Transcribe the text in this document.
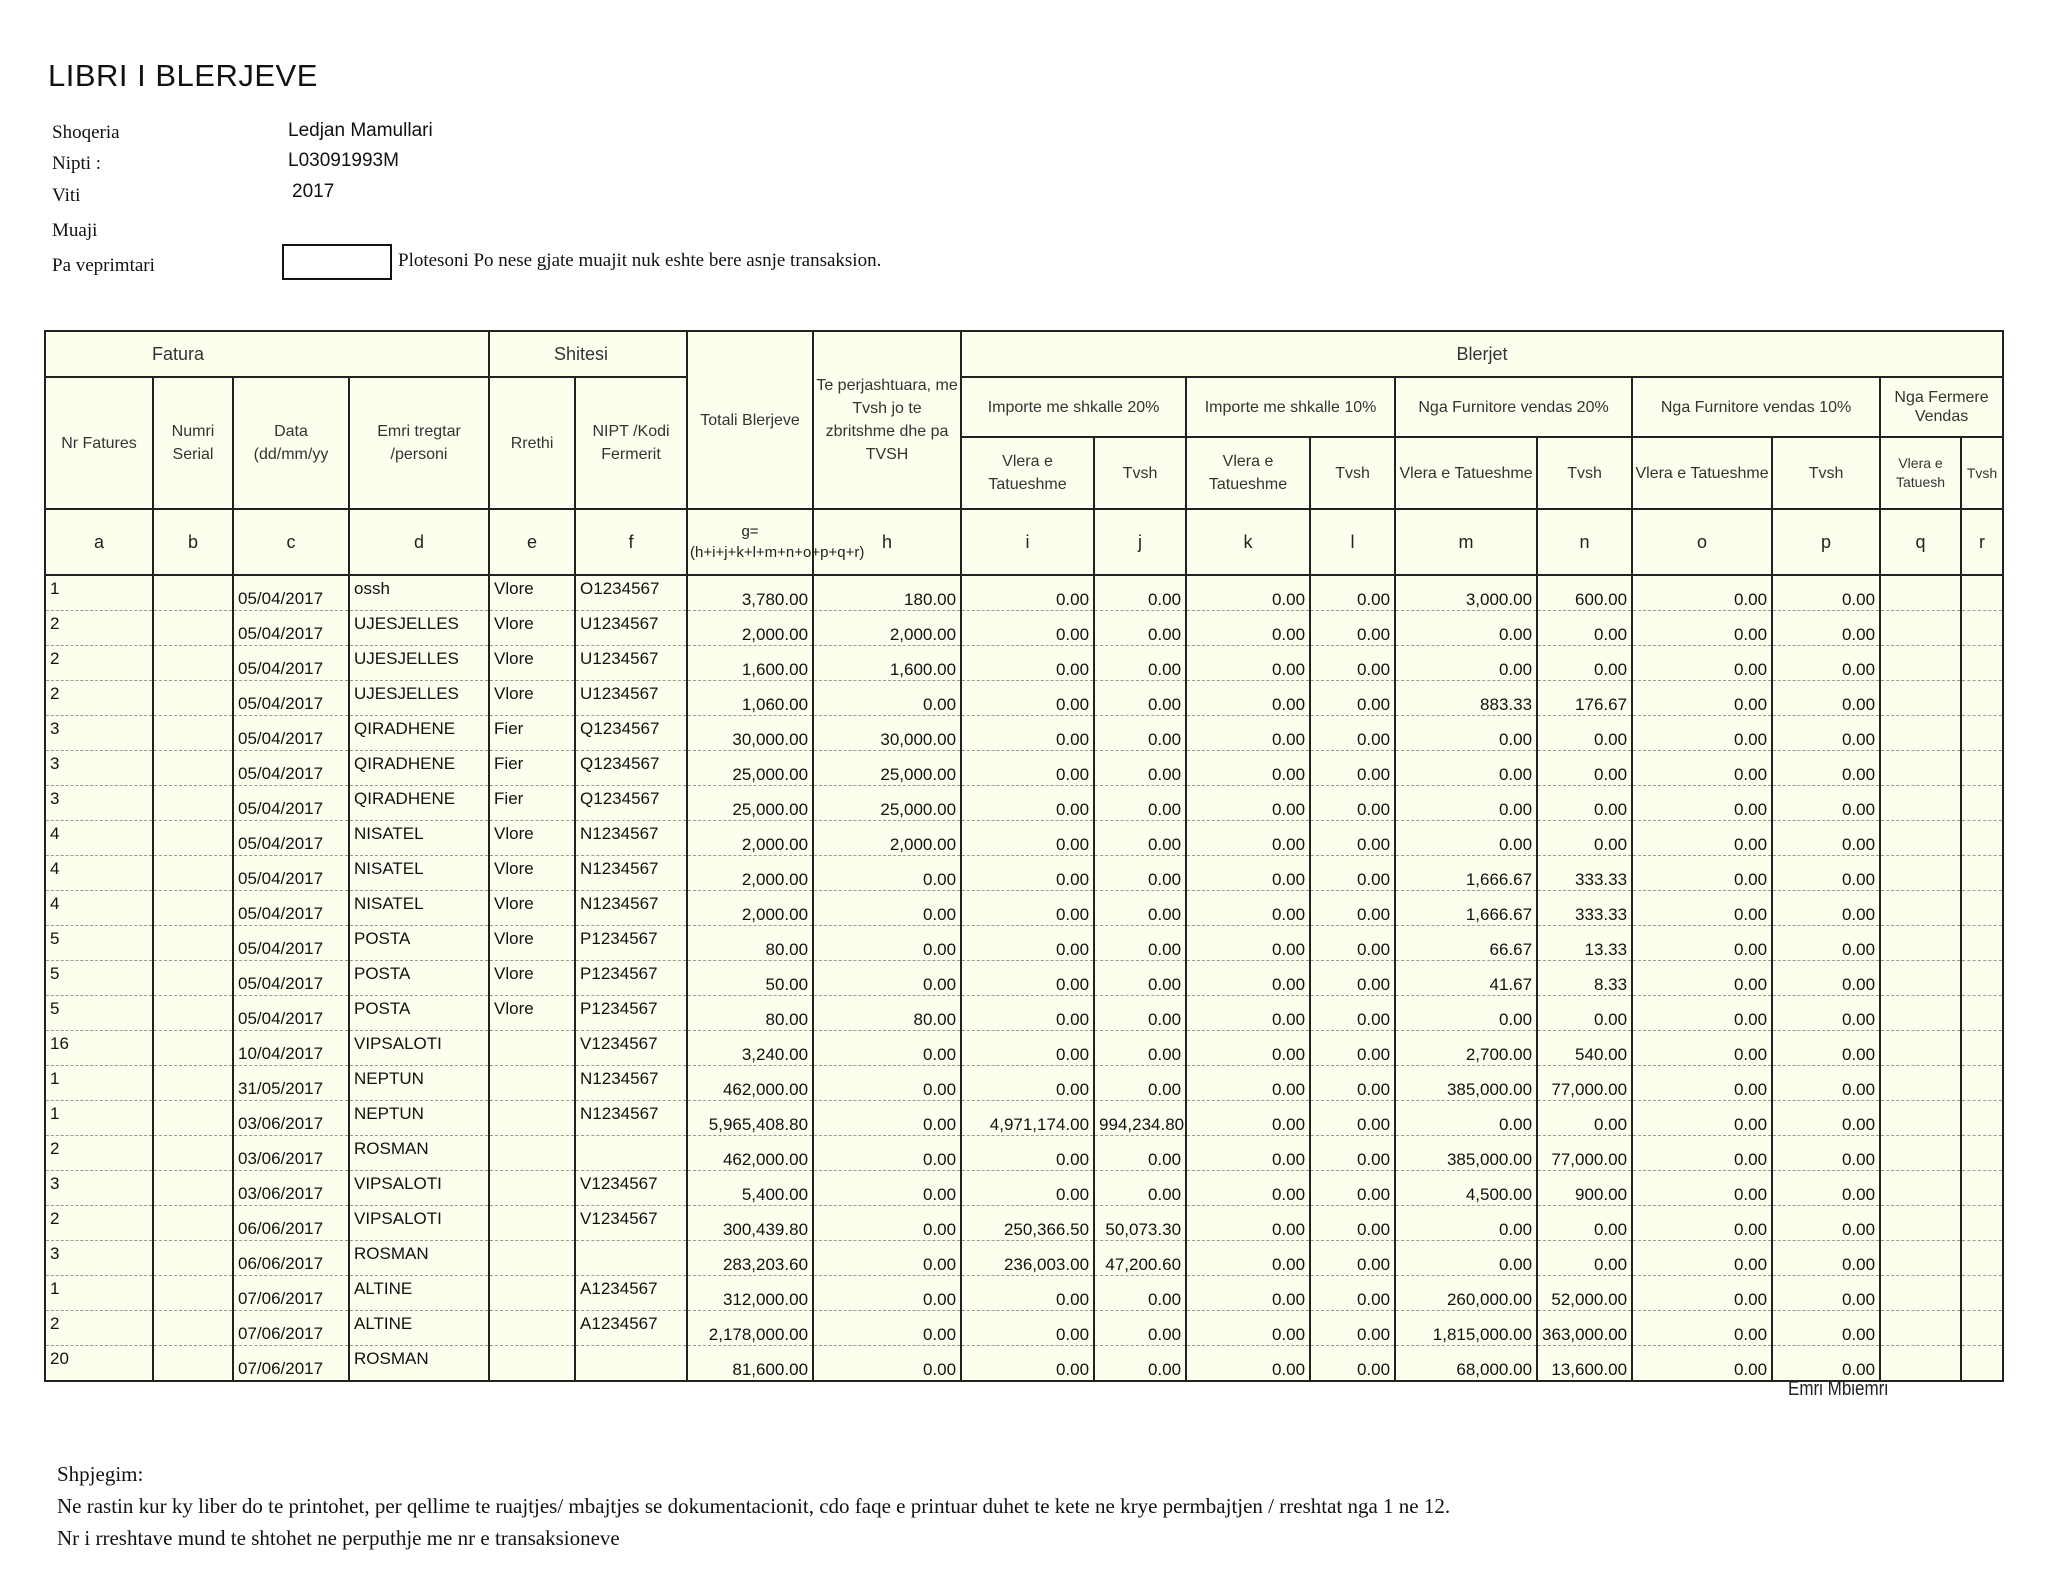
LIBRI I BLERJEVE
Shoqeria	Ledjan Mamullari
Nipti :	L03091993M
Viti	2017
Muaji
Pa veprimtari	Plotesoni Po nese gjate muajit nuk eshte bere asnje transaksion.
Fatura				Shitesi		Totali Blerjeve	Te perjashtuara, me Tvsh jo te zbritshme dhe pa TVSH	Blerjet									
Nr Fatures	Numri Serial	Data (dd/mm/yy	Emri tregtar /personi	Rrethi	NIPT /Kodi Fermerit			Importe me shkalle 20%		Importe me shkalle 10%		Nga Furnitore vendas 20%		Nga Furnitore vendas 10%		Nga Fermere Vendas	
								Vlera e Tatueshme	Tvsh	Vlera e Tatueshme	Tvsh	Vlera e Tatueshme	Tvsh	Vlera e Tatueshme	Tvsh	Vlera e Tatuesh	Tvsh
a	b	c	d	e	f	g=(h+i+j+k+l+m+n+o+p+q+r)	h	i	j	k	l	m	n	o	p	q	r
1		05/04/2017	ossh	Vlore	O1234567	3,780.00	180.00	0.00	0.00	0.00	0.00	3,000.00	600.00	0.00	0.00		
2		05/04/2017	UJESJELLES	Vlore	U1234567	2,000.00	2,000.00	0.00	0.00	0.00	0.00	0.00	0.00	0.00	0.00		
2		05/04/2017	UJESJELLES	Vlore	U1234567	1,600.00	1,600.00	0.00	0.00	0.00	0.00	0.00	0.00	0.00	0.00		
2		05/04/2017	UJESJELLES	Vlore	U1234567	1,060.00	0.00	0.00	0.00	0.00	0.00	883.33	176.67	0.00	0.00		
3		05/04/2017	QIRADHENE	Fier	Q1234567	30,000.00	30,000.00	0.00	0.00	0.00	0.00	0.00	0.00	0.00	0.00		
3		05/04/2017	QIRADHENE	Fier	Q1234567	25,000.00	25,000.00	0.00	0.00	0.00	0.00	0.00	0.00	0.00	0.00		
3		05/04/2017	QIRADHENE	Fier	Q1234567	25,000.00	25,000.00	0.00	0.00	0.00	0.00	0.00	0.00	0.00	0.00		
4		05/04/2017	NISATEL	Vlore	N1234567	2,000.00	2,000.00	0.00	0.00	0.00	0.00	0.00	0.00	0.00	0.00		
4		05/04/2017	NISATEL	Vlore	N1234567	2,000.00	0.00	0.00	0.00	0.00	0.00	1,666.67	333.33	0.00	0.00		
4		05/04/2017	NISATEL	Vlore	N1234567	2,000.00	0.00	0.00	0.00	0.00	0.00	1,666.67	333.33	0.00	0.00		
5		05/04/2017	POSTA	Vlore	P1234567	80.00	0.00	0.00	0.00	0.00	0.00	66.67	13.33	0.00	0.00		
5		05/04/2017	POSTA	Vlore	P1234567	50.00	0.00	0.00	0.00	0.00	0.00	41.67	8.33	0.00	0.00		
5		05/04/2017	POSTA	Vlore	P1234567	80.00	80.00	0.00	0.00	0.00	0.00	0.00	0.00	0.00	0.00		
16		10/04/2017	VIPSALOTI		V1234567	3,240.00	0.00	0.00	0.00	0.00	0.00	2,700.00	540.00	0.00	0.00		
1		31/05/2017	NEPTUN		N1234567	462,000.00	0.00	0.00	0.00	0.00	0.00	385,000.00	77,000.00	0.00	0.00		
1		03/06/2017	NEPTUN		N1234567	5,965,408.80	0.00	4,971,174.00	994,234.80	0.00	0.00	0.00	0.00	0.00	0.00		
2		03/06/2017	ROSMAN			462,000.00	0.00	0.00	0.00	0.00	0.00	385,000.00	77,000.00	0.00	0.00		
3		03/06/2017	VIPSALOTI		V1234567	5,400.00	0.00	0.00	0.00	0.00	0.00	4,500.00	900.00	0.00	0.00		
2		06/06/2017	VIPSALOTI		V1234567	300,439.80	0.00	250,366.50	50,073.30	0.00	0.00	0.00	0.00	0.00	0.00		
3		06/06/2017	ROSMAN			283,203.60	0.00	236,003.00	47,200.60	0.00	0.00	0.00	0.00	0.00	0.00		
1		07/06/2017	ALTINE		A1234567	312,000.00	0.00	0.00	0.00	0.00	0.00	260,000.00	52,000.00	0.00	0.00		
2		07/06/2017	ALTINE		A1234567	2,178,000.00	0.00	0.00	0.00	0.00	0.00	1,815,000.00	363,000.00	0.00	0.00		
20		07/06/2017	ROSMAN			81,600.00	0.00	0.00	0.00	0.00	0.00	68,000.00	13,600.00	0.00	0.00		
Emri Mbiemri
Shpjegim:
Ne rastin kur ky liber do te printohet, per qellime te ruajtjes/ mbajtjes se dokumentacionit, cdo faqe e printuar duhet te kete ne krye permbajtjen / rreshtat nga 1 ne 12.
Nr i rreshtave mund te shtohet ne perputhje me nr e transaksioneve
